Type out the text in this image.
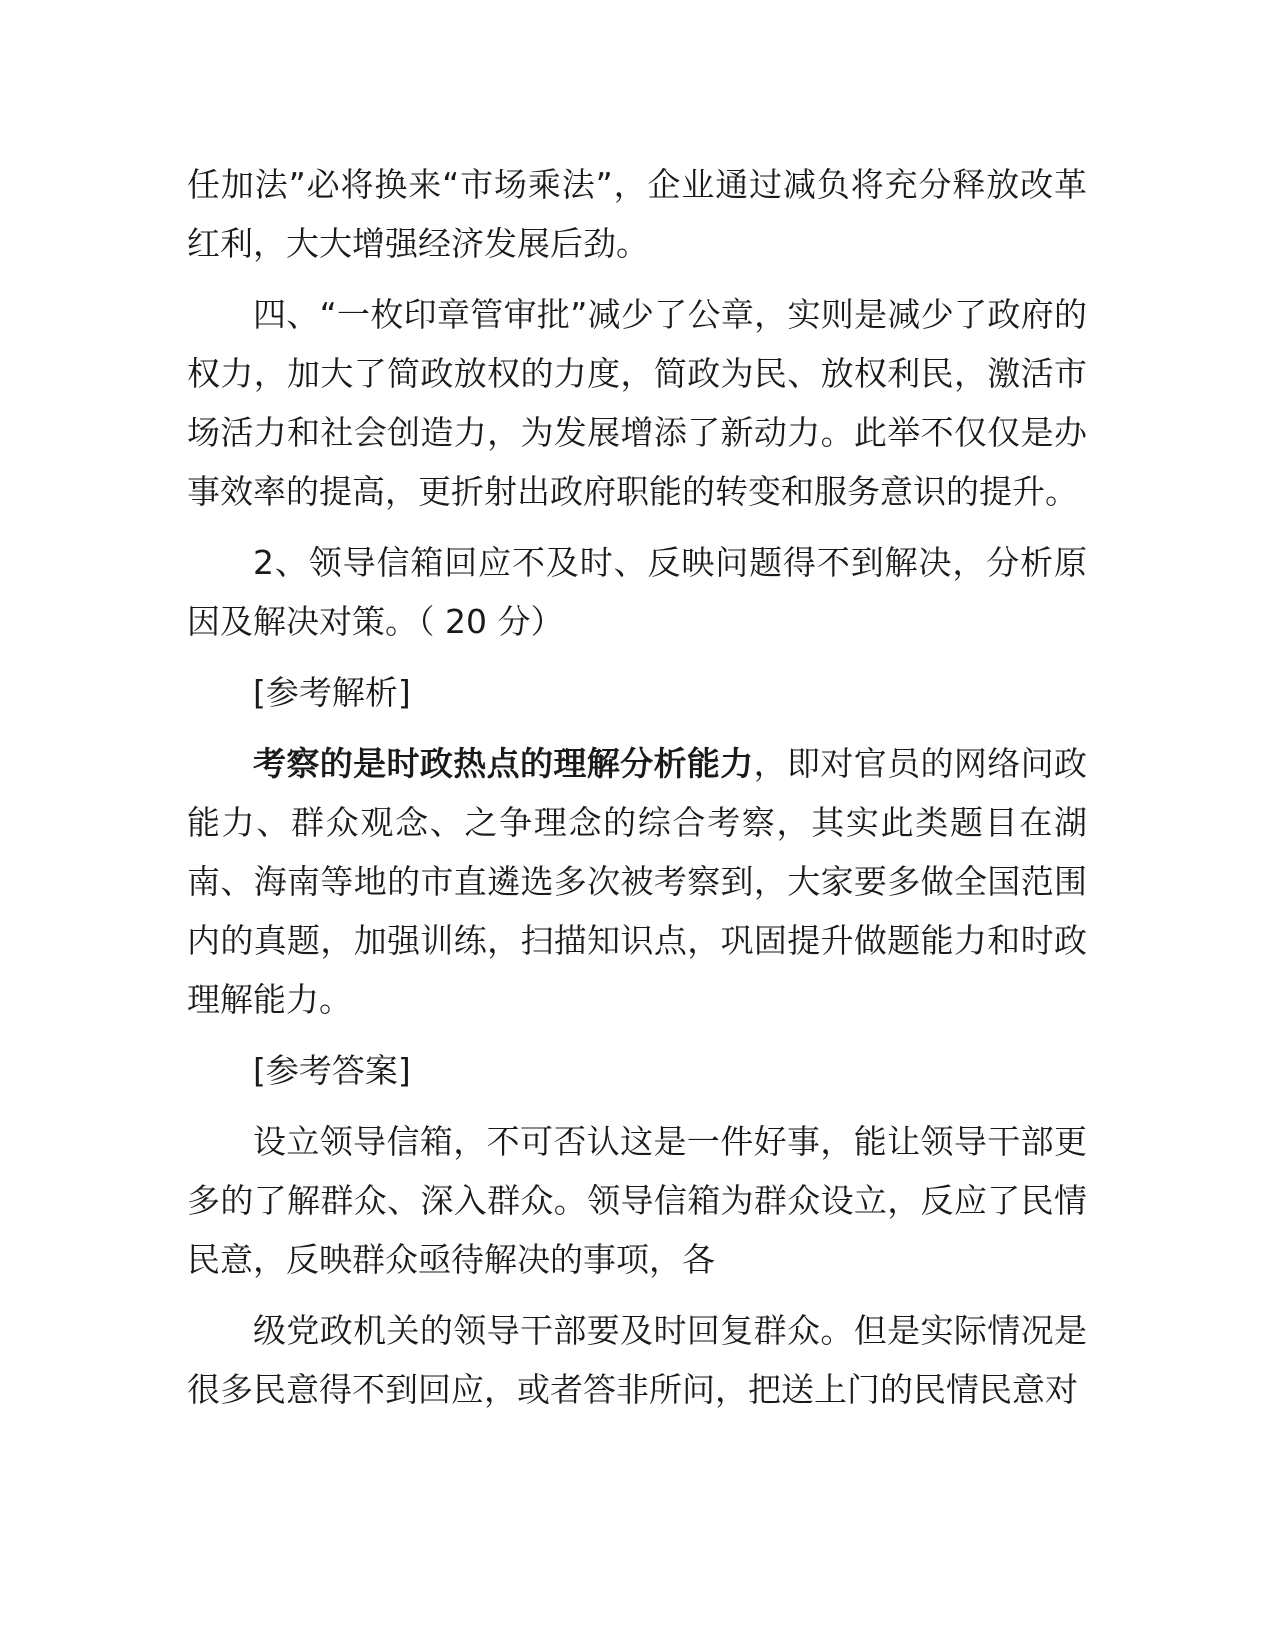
任加法”必将换来“市场乘法”，企业通过减负将充分释放改革红利，大大增强经济发展后劲。

四、“一枚印章管审批”减少了公章，实则是减少了政府的权力，加大了简政放权的力度，简政为民、放权利民，激活市场活力和社会创造力，为发展增添了新动力。此举不仅仅是办事效率的提高，更折射出政府职能的转变和服务意识的提升。

2、领导信箱回应不及时、反映问题得不到解决，分析原因及解决对策。（ 20 分）

[参考解析]

考察的是时政热点的理解分析能力，即对官员的网络问政能力、群众观念、之争理念的综合考察，其实此类题目在湖南、海南等地的市直遴选多次被考察到，大家要多做全国范围内的真题，加强训练，扫描知识点，巩固提升做题能力和时政理解能力。

[参考答案]

设立领导信箱，不可否认这是一件好事，能让领导干部更多的了解群众、深入群众。领导信箱为群众设立，反应了民情民意，反映群众亟待解决的事项，各

级党政机关的领导干部要及时回复群众。但是实际情况是很多民意得不到回应，或者答非所问，把送上门的民情民意对
